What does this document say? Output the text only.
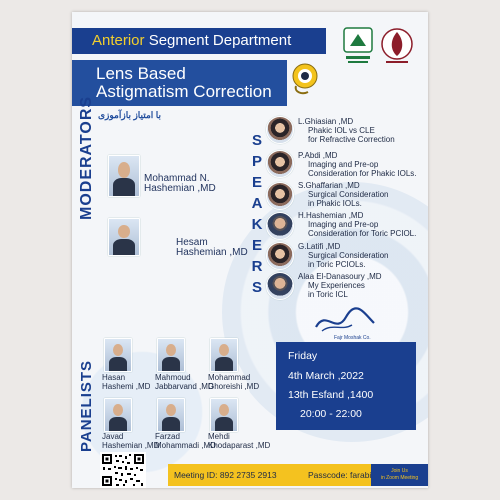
Anterior Segment Department
Lens Based
Astigmatism Correction
با امتیاز بازآموزی
MODERATORS	Mohammad N.
Hashemian ,MD
Hesam
Hashemian ,MD
S
P
E
A
K
E
R
S
L.Ghiasian ,MD
Phakic IOL vs CLE
for Refractive Correction
P.Abdi ,MD
Imaging and Pre-op
Consideration for Phakic IOLs.
S.Ghaffarian ,MD
Surgical Consideration
in Phakic IOLs.
H.Hashemian ,MD
Imaging and Pre-op
Consideration for Toric PCIOL.
G.Latifi ,MD
Surgical Consideration
in Toric PCIOLs.
Alaa El-Danasoury ,MD
My Experiences
in Toric ICL
Fajr Moshak Co.
PANELISTS Hasan
Hashemi ,MD
Mahmoud
Jabbarvand ,MD
Mohammad
Ghoreishi ,MD
Javad
Hashemian ,MD
Farzad
Mohammadi ,MD
Mehdi
Khodaparast ,MD
Friday
4th March ,2022
13th Esfand ,1400
20:00 - 22:00
Meeting ID: 892 2735 2913	Passcode: farabi	Join Us
in Zoom Meeting
